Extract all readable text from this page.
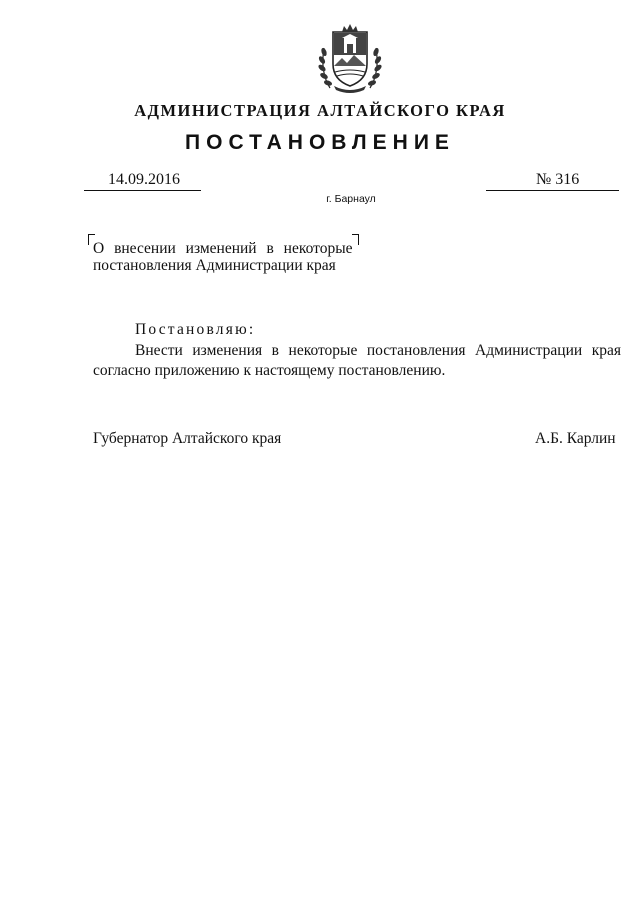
АДМИНИСТРАЦИЯ АЛТАЙСКОГО КРАЯ
ПОСТАНОВЛЕНИЕ
14.09.2016	№ 316
г. Барнаул
О внесении изменений в некоторые
постановления Администрации края
Постановляю:
Внести изменения в некоторые постановления Администрации края согласно приложению к настоящему постановлению.
Губернатор Алтайского края	А.Б. Карлин
